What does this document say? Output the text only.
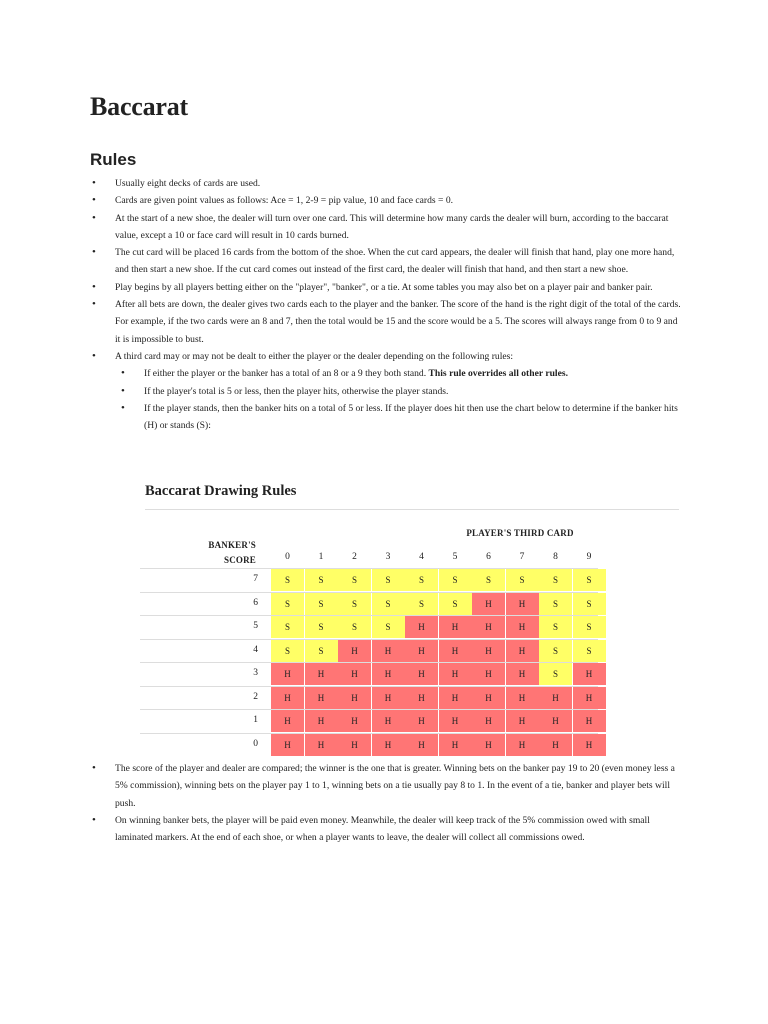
Baccarat
Rules
• Usually eight decks of cards are used.
• Cards are given point values as follows: Ace = 1, 2-9 = pip value, 10 and face cards = 0.
• At the start of a new shoe, the dealer will turn over one card. This will determine how many cards the dealer will burn, according to the baccarat value, except a 10 or face card will result in 10 cards burned.
• The cut card will be placed 16 cards from the bottom of the shoe. When the cut card appears, the dealer will finish that hand, play one more hand, and then start a new shoe. If the cut card comes out instead of the first card, the dealer will finish that hand, and then start a new shoe.
• Play begins by all players betting either on the "player", "banker", or a tie. At some tables you may also bet on a player pair and banker pair.
• After all bets are down, the dealer gives two cards each to the player and the banker. The score of the hand is the right digit of the total of the cards. For example, if the two cards were an 8 and 7, then the total would be 15 and the score would be a 5. The scores will always range from 0 to 9 and it is impossible to bust.
• A third card may or may not be dealt to either the player or the dealer depending on the following rules:
• If either the player or the banker has a total of an 8 or a 9 they both stand. This rule overrides all other rules.
• If the player's total is 5 or less, then the player hits, otherwise the player stands.
• If the player stands, then the banker hits on a total of 5 or less. If the player does hit then use the chart below to determine if the banker hits (H) or stands (S):
Baccarat Drawing Rules
PLAYER'S THIRD CARD
BANKER'S
SCORE	0	1	2	3	4	5	6	7	8	9
7	S	S	S	S	S	S	S	S	S	S
6	S	S	S	S	S	S	H	H	S	S
5	S	S	S	S	H	H	H	H	S	S
4	S	S	H	H	H	H	H	H	S	S
3	H	H	H	H	H	H	H	H	S	H
2	H	H	H	H	H	H	H	H	H	H
1	H	H	H	H	H	H	H	H	H	H
0	H	H	H	H	H	H	H	H	H	H
• The score of the player and dealer are compared; the winner is the one that is greater. Winning bets on the banker pay 19 to 20 (even money less a 5% commission), winning bets on the player pay 1 to 1, winning bets on a tie usually pay 8 to 1. In the event of a tie, banker and player bets will push.
• On winning banker bets, the player will be paid even money. Meanwhile, the dealer will keep track of the 5% commission owed with small laminated markers. At the end of each shoe, or when a player wants to leave, the dealer will collect all commissions owed.
